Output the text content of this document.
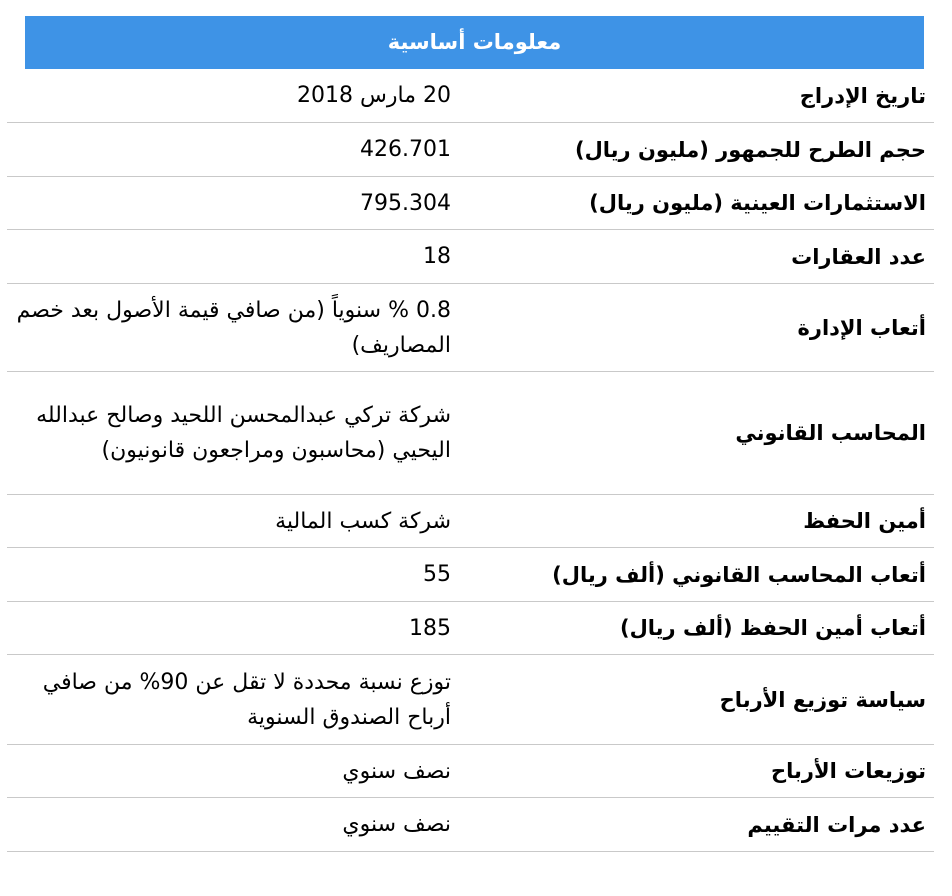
معلومات أساسية
تاريخ الإدراج
20 مارس 2018
حجم الطرح للجمهور (مليون ريال)
426.701
الاستثمارات العينية (مليون ريال)
795.304
عدد العقارات
18
أتعاب الإدارة
0.8 % سنوياً (من صافي قيمة الأصول بعد خصم المصاريف)
المحاسب القانوني
شركة تركي عبدالمحسن اللحيد وصالح عبدالله اليحيي (محاسبون ومراجعون قانونيون)
أمين الحفظ
شركة كسب المالية
أتعاب المحاسب القانوني (ألف ريال)
55
أتعاب أمين الحفظ (ألف ريال)
185
سياسة توزيع الأرباح
توزع نسبة محددة لا تقل عن 90% من صافي أرباح الصندوق السنوية
توزيعات الأرباح
نصف سنوي
عدد مرات التقييم
نصف سنوي
